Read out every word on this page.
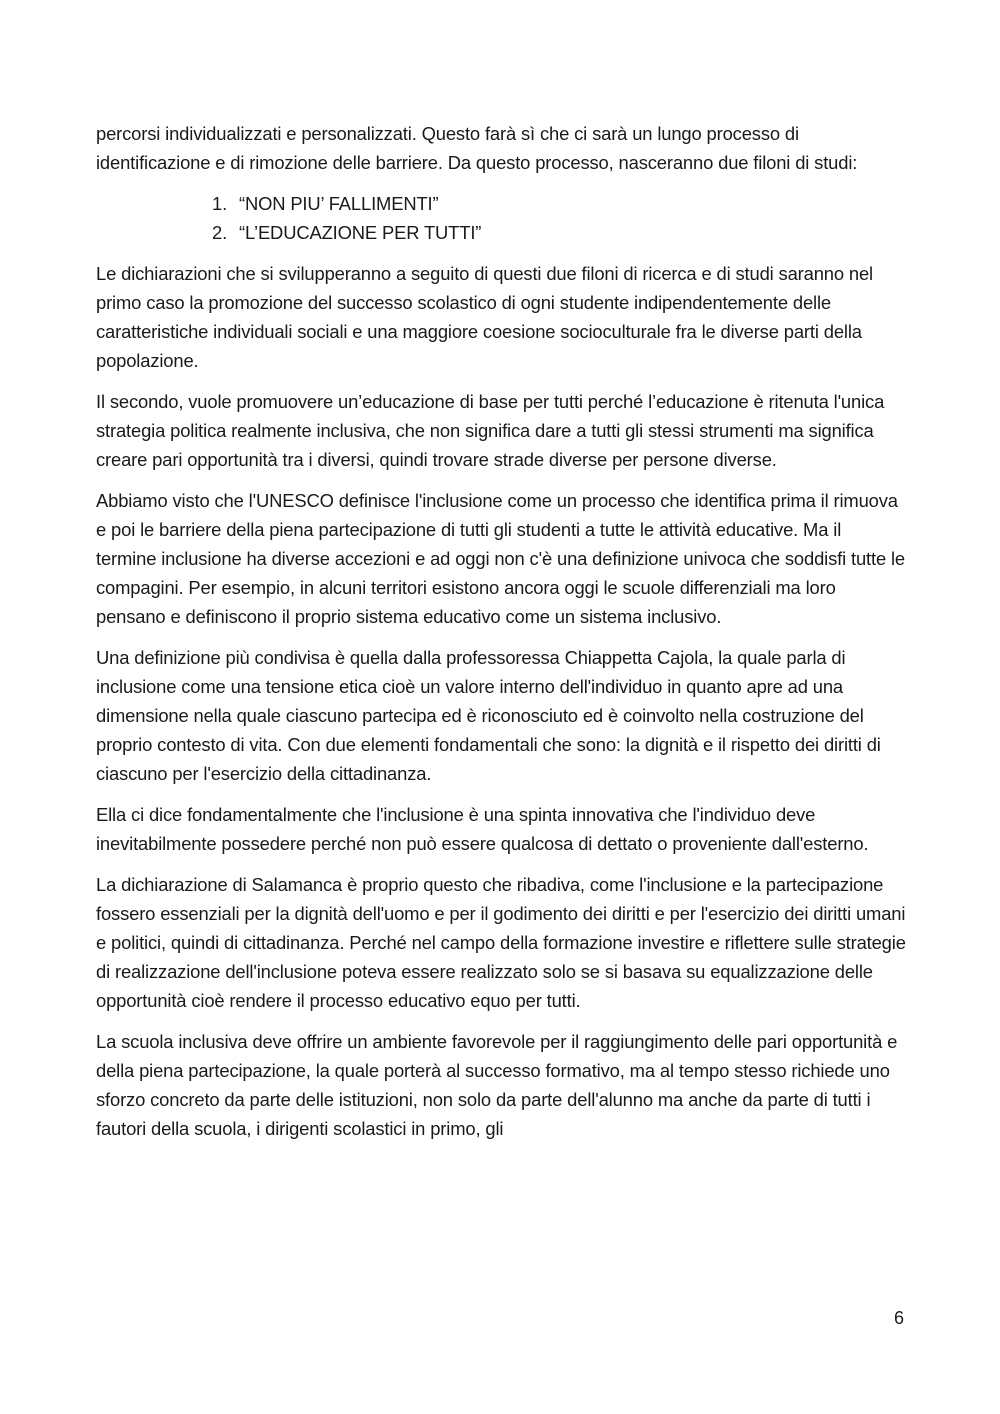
percorsi individualizzati e personalizzati. Questo farà sì che ci sarà un lungo processo di identificazione e di rimozione delle barriere. Da questo processo, nasceranno due filoni di studi:

1. “NON PIU’ FALLIMENTI”
2. “L’EDUCAZIONE PER TUTTI”

Le dichiarazioni che si svilupperanno a seguito di questi due filoni di ricerca e di studi saranno nel primo caso la promozione del successo scolastico di ogni studente indipendentemente delle caratteristiche individuali sociali e una maggiore coesione socioculturale fra le diverse parti della popolazione.

Il secondo, vuole promuovere un’educazione di base per tutti perché l’educazione è ritenuta l'unica strategia politica realmente inclusiva, che non significa dare a tutti gli stessi strumenti ma significa creare pari opportunità tra i diversi, quindi trovare strade diverse per persone diverse.

Abbiamo visto che l'UNESCO definisce l'inclusione come un processo che identifica prima il rimuova e poi le barriere della piena partecipazione di tutti gli studenti a tutte le attività educative. Ma il termine inclusione ha diverse accezioni e ad oggi non c'è una definizione univoca che soddisfi tutte le compagini. Per esempio, in alcuni territori esistono ancora oggi le scuole differenziali ma loro pensano e definiscono il proprio sistema educativo come un sistema inclusivo.

Una definizione più condivisa è quella dalla professoressa Chiappetta Cajola, la quale parla di inclusione come una tensione etica cioè un valore interno dell'individuo in quanto apre ad una dimensione nella quale ciascuno partecipa ed è riconosciuto ed è coinvolto nella costruzione del proprio contesto di vita. Con due elementi fondamentali che sono: la dignità e il rispetto dei diritti di ciascuno per l'esercizio della cittadinanza.

Ella ci dice fondamentalmente che l'inclusione è una spinta innovativa che l'individuo deve inevitabilmente possedere perché non può essere qualcosa di dettato o proveniente dall'esterno.

La dichiarazione di Salamanca è proprio questo che ribadiva, come l'inclusione e la partecipazione fossero essenziali per la dignità dell'uomo e per il godimento dei diritti e per l'esercizio dei diritti umani e politici, quindi di cittadinanza. Perché nel campo della formazione investire e riflettere sulle strategie di realizzazione dell'inclusione poteva essere realizzato solo se si basava su equalizzazione delle opportunità cioè rendere il processo educativo equo per tutti.

La scuola inclusiva deve offrire un ambiente favorevole per il raggiungimento delle pari opportunità e della piena partecipazione, la quale porterà al successo formativo, ma al tempo stesso richiede uno sforzo concreto da parte delle istituzioni, non solo da parte dell'alunno ma anche da parte di tutti i fautori della scuola, i dirigenti scolastici in primo, gli

6
